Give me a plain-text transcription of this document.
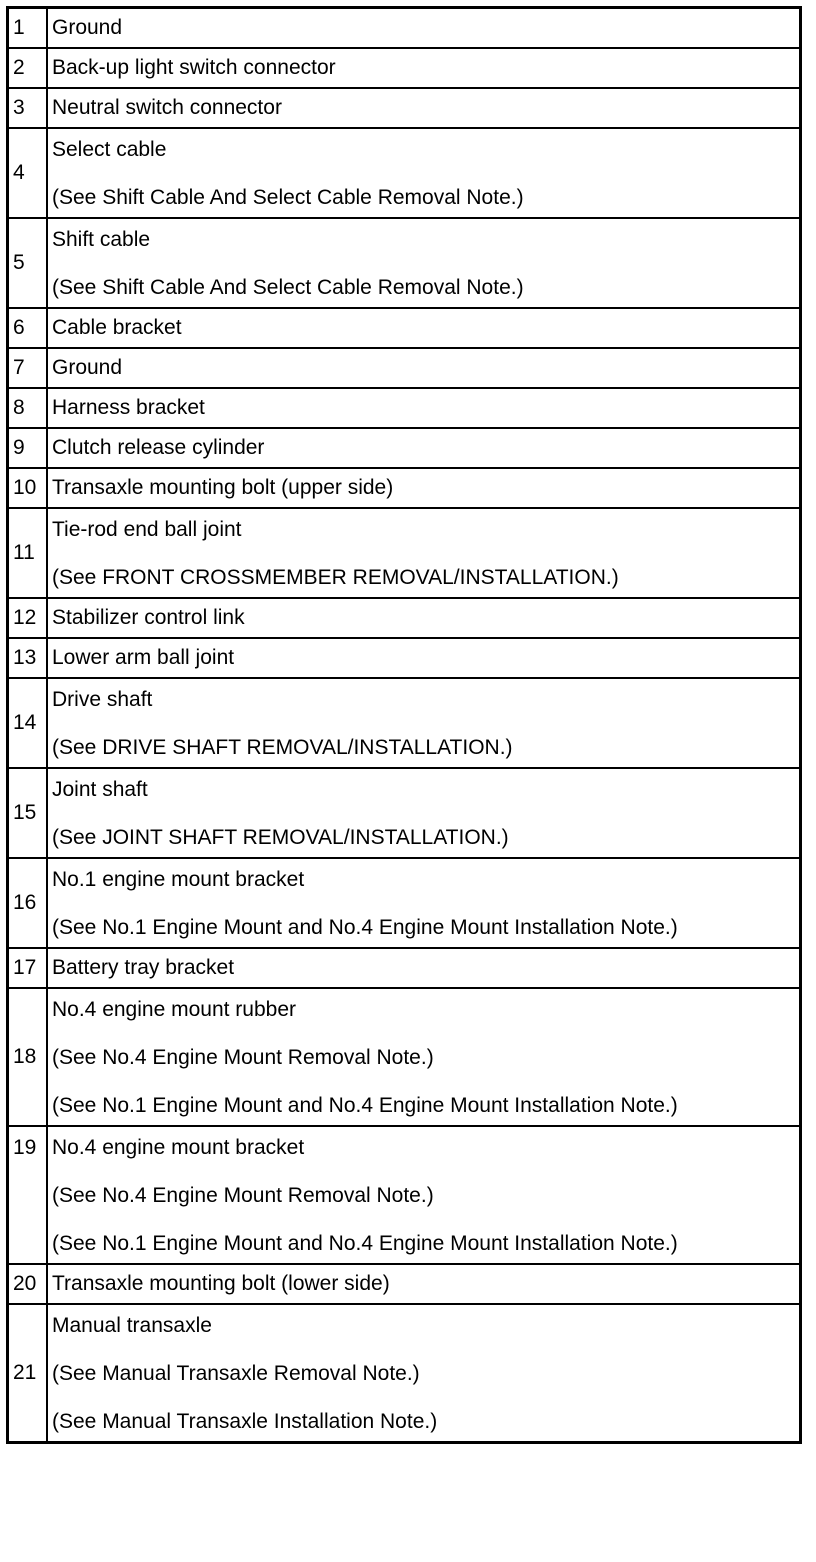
1	Ground

2	Back-up light switch connector

3	Neutral switch connector

4	Select cable
(See Shift Cable And Select Cable Removal Note.)

5	Shift cable
(See Shift Cable And Select Cable Removal Note.)

6	Cable bracket

7	Ground

8	Harness bracket

9	Clutch release cylinder

10	Transaxle mounting bolt (upper side)

11	Tie-rod end ball joint
(See FRONT CROSSMEMBER REMOVAL/INSTALLATION.)

12	Stabilizer control link

13	Lower arm ball joint

14	Drive shaft
(See DRIVE SHAFT REMOVAL/INSTALLATION.)

15	Joint shaft
(See JOINT SHAFT REMOVAL/INSTALLATION.)

16	No.1 engine mount bracket
(See No.1 Engine Mount and No.4 Engine Mount Installation Note.)

17	Battery tray bracket

18	No.4 engine mount rubber
(See No.4 Engine Mount Removal Note.)
(See No.1 Engine Mount and No.4 Engine Mount Installation Note.)

19	No.4 engine mount bracket
(See No.4 Engine Mount Removal Note.)
(See No.1 Engine Mount and No.4 Engine Mount Installation Note.)

20	Transaxle mounting bolt (lower side)

21	Manual transaxle
(See Manual Transaxle Removal Note.)
(See Manual Transaxle Installation Note.)
